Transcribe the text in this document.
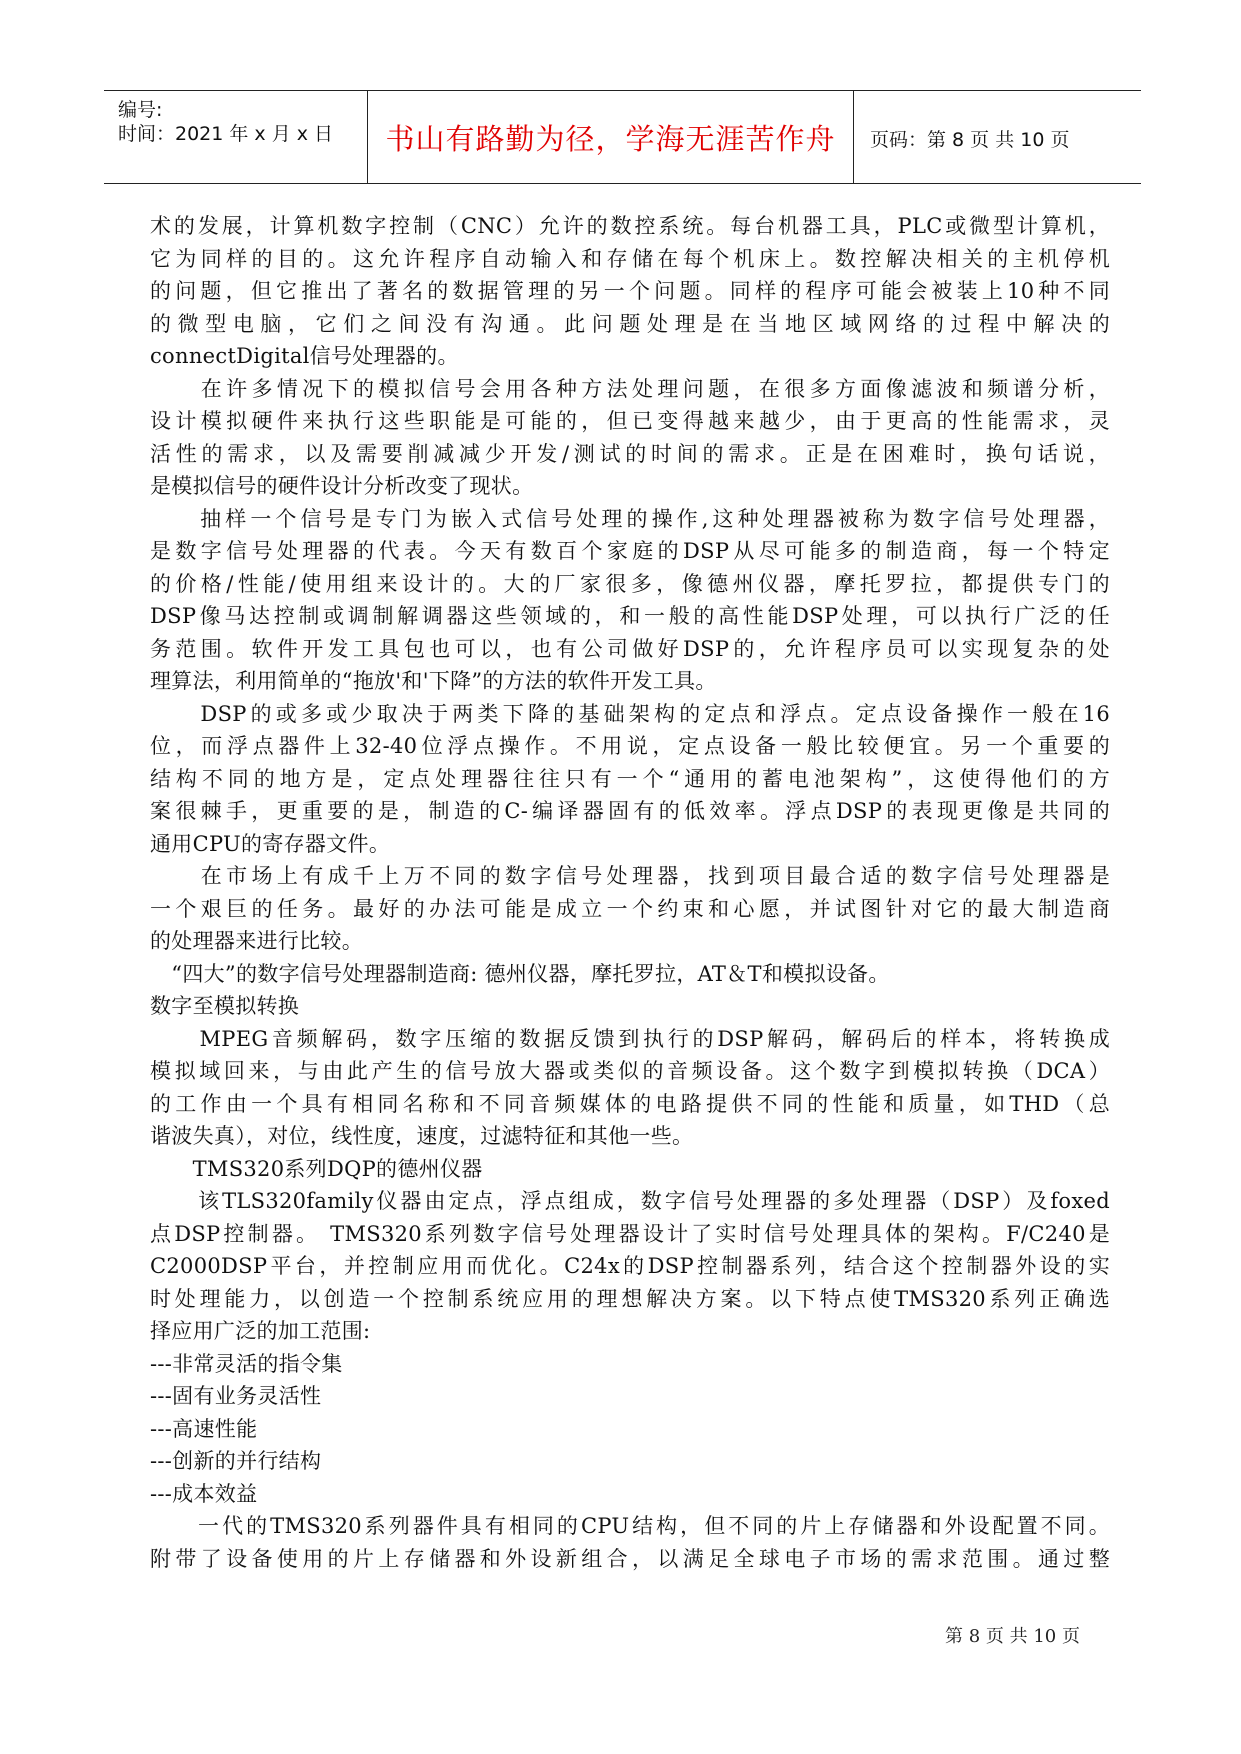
编号:
时间：2021 年 x 月 x 日	书山有路勤为径，学海无涯苦作舟	页码：第 8 页 共 10 页
术的发展，计算机数字控制（CNC）允许的数控系统。每台机器工具，PLC或微型计算机，
它为同样的目的。这允许程序自动输入和存储在每个机床上。数控解决相关的主机停机
的问题，但它推出了著名的数据管理的另一个问题。同样的程序可能会被装上10种不同
的微型电脑，它们之间没有沟通。此问题处理是在当地区域网络的过程中解决的
connectDigital信号处理器的。
　　在许多情况下的模拟信号会用各种方法处理问题，在很多方面像滤波和频谱分析，
设计模拟硬件来执行这些职能是可能的，但已变得越来越少，由于更高的性能需求，灵
活性的需求，以及需要削减减少开发/测试的时间的需求。正是在困难时，换句话说，
是模拟信号的硬件设计分析改变了现状。
　　抽样一个信号是专门为嵌入式信号处理的操作,这种处理器被称为数字信号处理器，
是数字信号处理器的代表。今天有数百个家庭的DSP从尽可能多的制造商，每一个特定
的价格/性能/使用组来设计的。大的厂家很多，像德州仪器，摩托罗拉，都提供专门的
DSP像马达控制或调制解调器这些领域的，和一般的高性能DSP处理，可以执行广泛的任
务范围。软件开发工具包也可以，也有公司做好DSP的，允许程序员可以实现复杂的处
理算法，利用简单的“拖放'和'下降”的方法的软件开发工具。
　　DSP的或多或少取决于两类下降的基础架构的定点和浮点。定点设备操作一般在16
位，而浮点器件上32-40位浮点操作。不用说，定点设备一般比较便宜。另一个重要的
结构不同的地方是，定点处理器往往只有一个“通用的蓄电池架构”，这使得他们的方
案很棘手，更重要的是，制造的C-编译器固有的低效率。浮点DSP的表现更像是共同的
通用CPU的寄存器文件。
　　在市场上有成千上万不同的数字信号处理器，找到项目最合适的数字信号处理器是
一个艰巨的任务。最好的办法可能是成立一个约束和心愿，并试图针对它的最大制造商
的处理器来进行比较。
　“四大”的数字信号处理器制造商: 德州仪器，摩托罗拉，AT＆T和模拟设备。
数字至模拟转换
　　MPEG音频解码，数字压缩的数据反馈到执行的DSP解码，解码后的样本，将转换成
模拟域回来，与由此产生的信号放大器或类似的音频设备。这个数字到模拟转换（DCA）
的工作由一个具有相同名称和不同音频媒体的电路提供不同的性能和质量，如THD（总
谐波失真），对位，线性度，速度，过滤特征和其他一些。
　　TMS320系列DQP的德州仪器
　　该TLS320family仪器由定点，浮点组成，数字信号处理器的多处理器（DSP）及foxed
点DSP控制器。 TMS320系列数字信号处理器设计了实时信号处理具体的架构。F/C240是
C2000DSP平台，并控制应用而优化。C24x的DSP控制器系列，结合这个控制器外设的实
时处理能力，以创造一个控制系统应用的理想解决方案。以下特点使TMS320系列正确选
择应用广泛的加工范围:
---非常灵活的指令集
---固有业务灵活性
---高速性能
---创新的并行结构
---成本效益
　　一代的TMS320系列器件具有相同的CPU结构，但不同的片上存储器和外设配置不同。
附带了设备使用的片上存储器和外设新组合，以满足全球电子市场的需求范围。通过整
第 8 页 共 10 页
